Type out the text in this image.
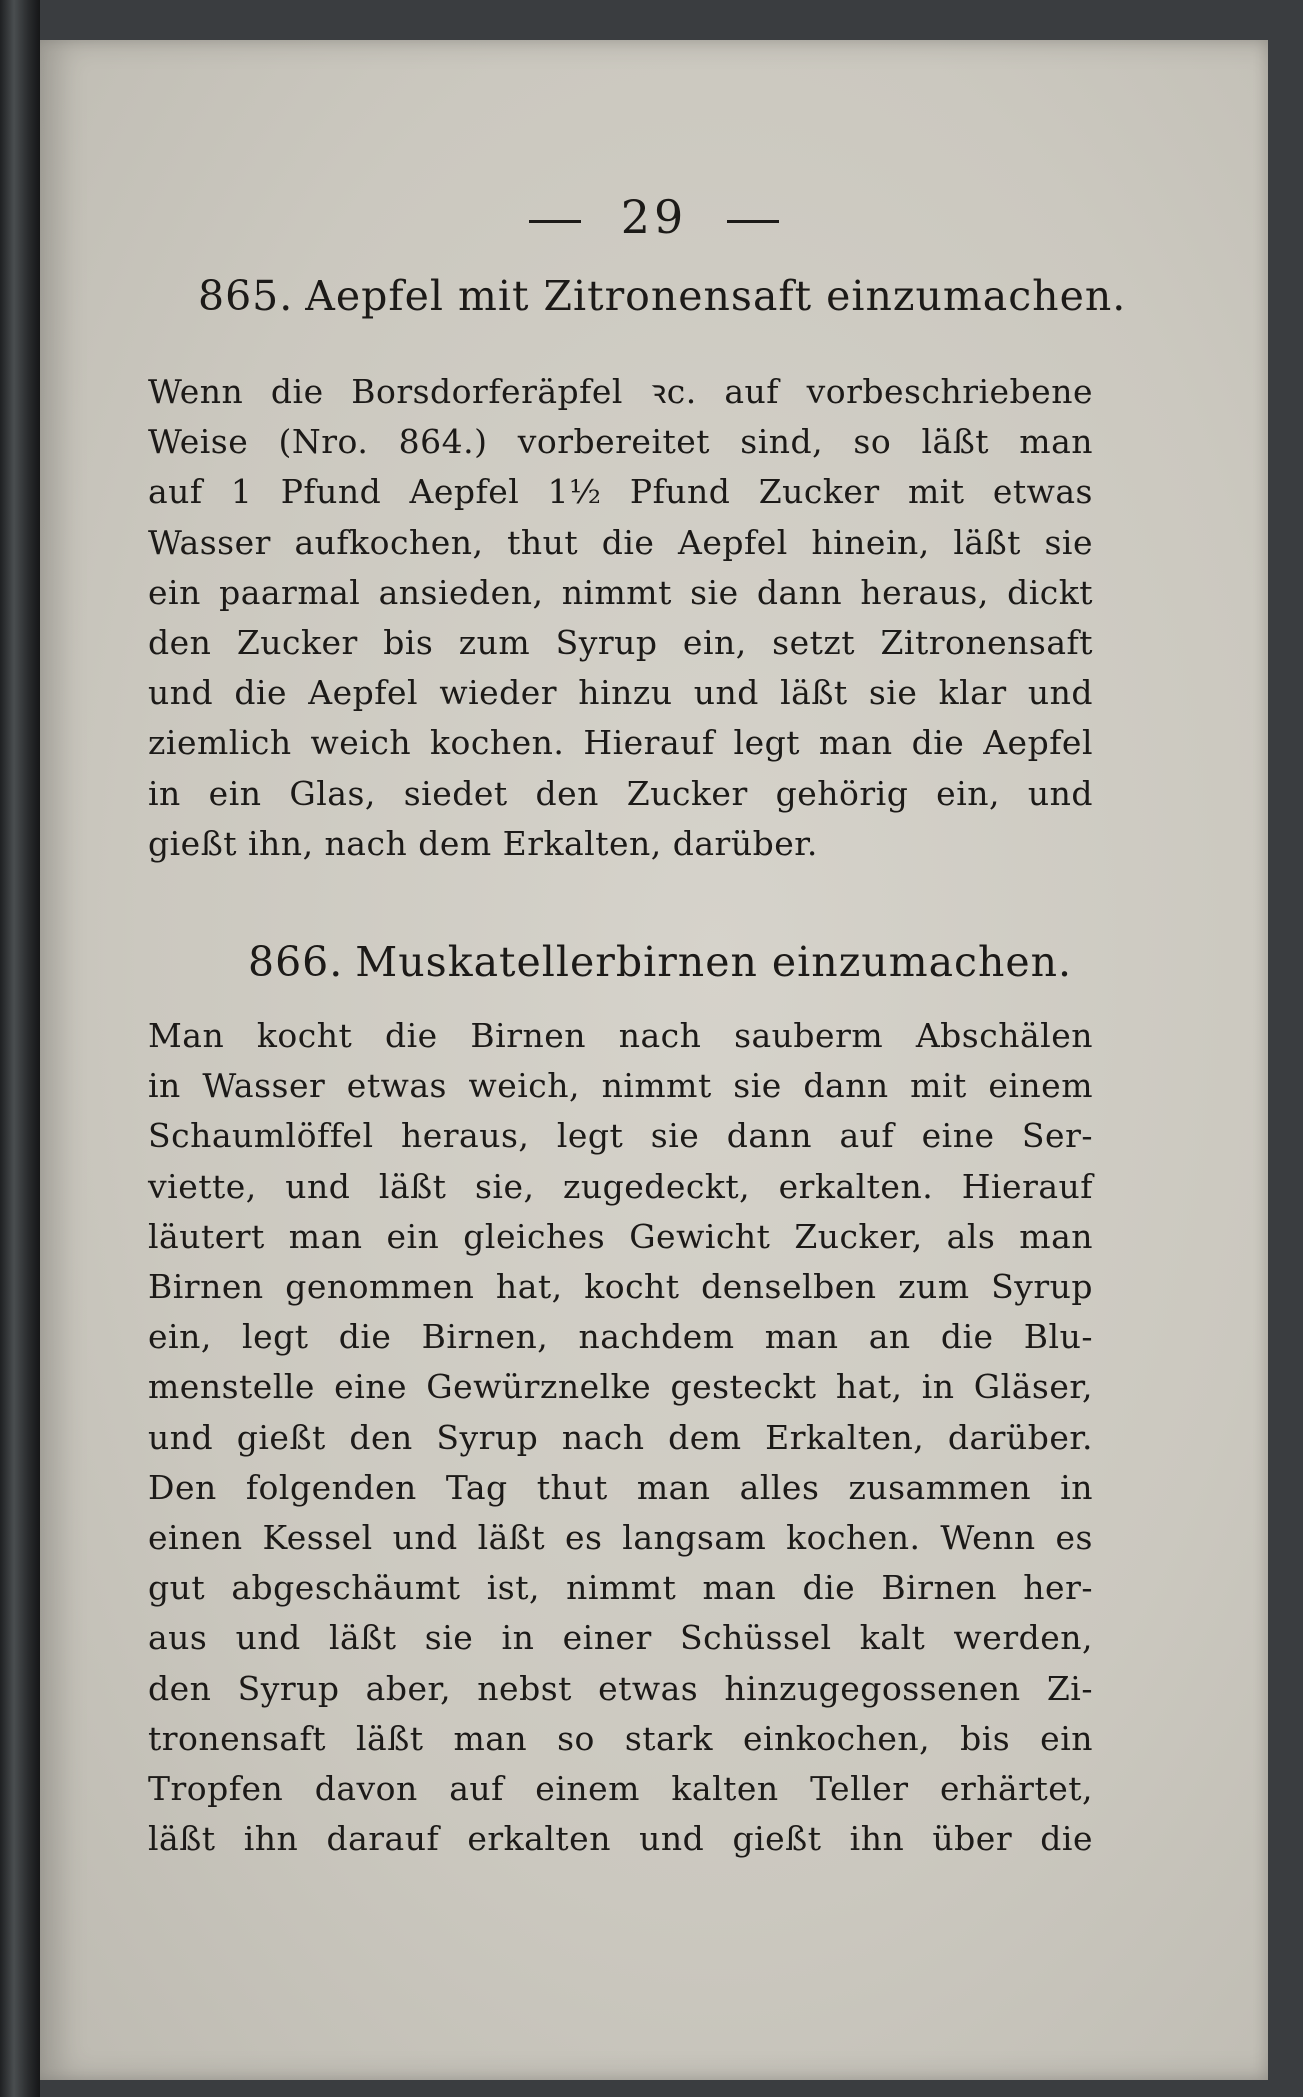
29
865. Aepfel mit Zitronensaft einzumachen.
Wenn die Borsdorferäpfel ꝛc. auf vorbeschriebene
Weise (Nro. 864.) vorbereitet sind, so läßt man
auf 1 Pfund Aepfel 1½ Pfund Zucker mit etwas
Wasser aufkochen, thut die Aepfel hinein, läßt sie
ein paarmal ansieden, nimmt sie dann heraus, dickt
den Zucker bis zum Syrup ein, setzt Zitronensaft
und die Aepfel wieder hinzu und läßt sie klar und
ziemlich weich kochen. Hierauf legt man die Aepfel
in ein Glas, siedet den Zucker gehörig ein, und
gießt ihn, nach dem Erkalten, darüber.
866. Muskatellerbirnen einzumachen.
Man kocht die Birnen nach sauberm Abschälen
in Wasser etwas weich, nimmt sie dann mit einem
Schaumlöffel heraus, legt sie dann auf eine Ser-
viette, und läßt sie, zugedeckt, erkalten. Hierauf
läutert man ein gleiches Gewicht Zucker, als man
Birnen genommen hat, kocht denselben zum Syrup
ein, legt die Birnen, nachdem man an die Blu-
menstelle eine Gewürznelke gesteckt hat, in Gläser,
und gießt den Syrup nach dem Erkalten, darüber.
Den folgenden Tag thut man alles zusammen in
einen Kessel und läßt es langsam kochen. Wenn es
gut abgeschäumt ist, nimmt man die Birnen her-
aus und läßt sie in einer Schüssel kalt werden,
den Syrup aber, nebst etwas hinzugegossenen Zi-
tronensaft läßt man so stark einkochen, bis ein
Tropfen davon auf einem kalten Teller erhärtet,
läßt ihn darauf erkalten und gießt ihn über die
